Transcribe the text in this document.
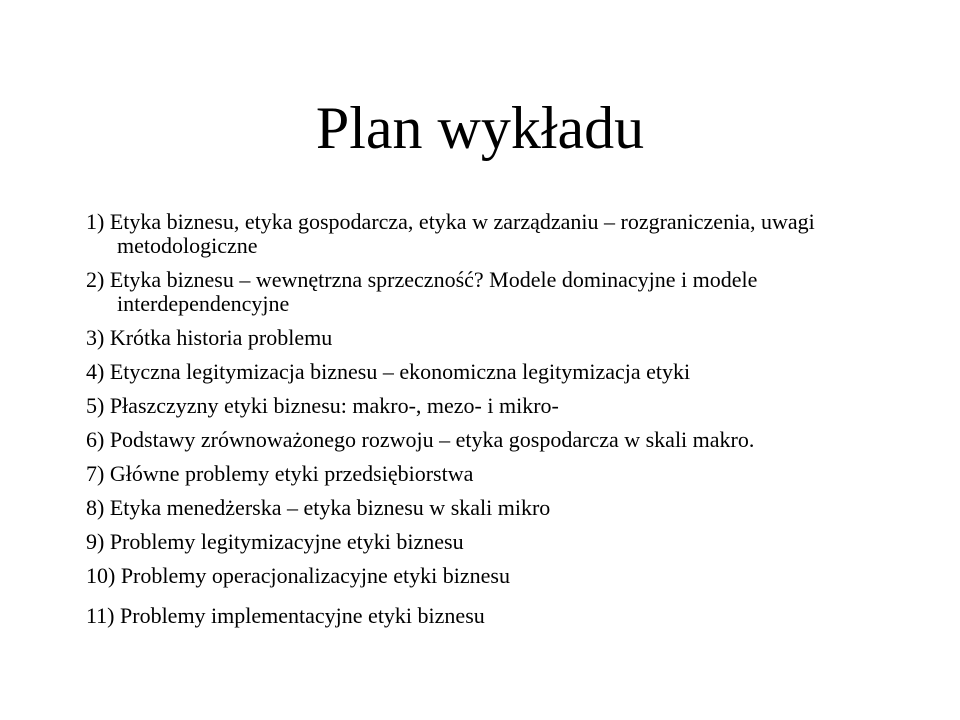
Plan wykładu
1) Etyka biznesu, etyka gospodarcza, etyka w zarządzaniu – rozgraniczenia, uwagi metodologiczne
2) Etyka biznesu – wewnętrzna sprzeczność? Modele dominacyjne i modele interdependencyjne
3) Krótka historia problemu
4) Etyczna legitymizacja biznesu – ekonomiczna legitymizacja etyki
5) Płaszczyzny etyki biznesu: makro-, mezo- i mikro-
6) Podstawy zrównoważonego rozwoju – etyka gospodarcza w skali makro.
7) Główne problemy etyki przedsiębiorstwa
8) Etyka menedżerska – etyka biznesu w skali mikro
9) Problemy legitymizacyjne etyki biznesu
10) Problemy operacjonalizacyjne etyki biznesu
11) Problemy implementacyjne etyki biznesu
